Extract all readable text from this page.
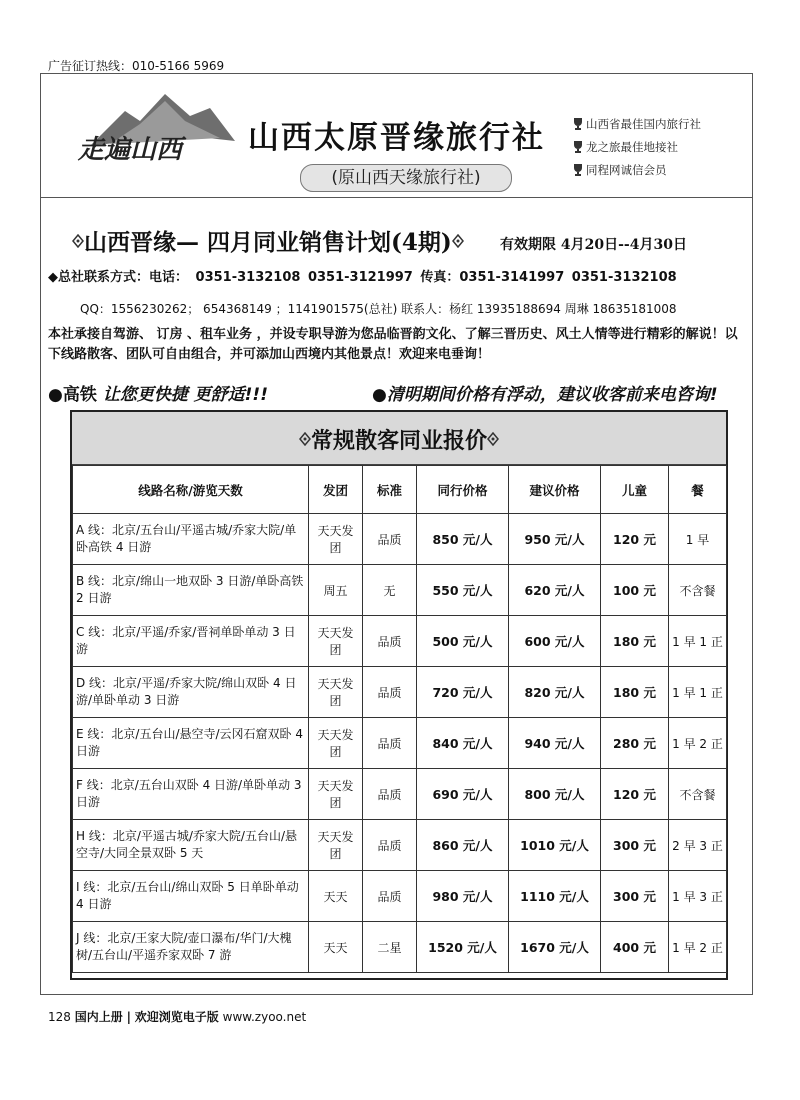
广告征订热线：010-5166 5969
走遍山西 山西太原晋缘旅行社
(原山西天缘旅行社)
山西省最佳国内旅行社
龙之旅最佳地接社
同程网诚信会员
山西晋缘— 四月同业销售计划(4期)	有效期限 4月20日--4月30日
◆总社联系方式：电话： 0351-3132108 0351-3121997 传真：0351-3141997 0351-3132108
QQ：1556230262； 654368149 ；1141901575(总社) 联系人：杨红 13935188694 周琳 18635181008
本社承接自驾游、 订房 、租车业务 ，并设专职导游为您品临晋韵文化、了解三晋历史、风土人情等进行精彩的解说！以下线路散客、团队可自由组合，并可添加山西境内其他景点！欢迎来电垂询！
●高铁 让您更快捷 更舒适!!!	●清明期间价格有浮动，建议收客前来电咨询!
常规散客同业报价
线路名称/游览天数	发团	标准	同行价格	建议价格	儿童	餐
A 线：北京/五台山/平遥古城/乔家大院/单卧高铁 4 日游	天天发团	品质	850 元/人	950 元/人	120 元	1 早
B 线：北京/绵山一地双卧 3 日游/单卧高铁 2 日游	周五	无	550 元/人	620 元/人	100 元	不含餐
C 线：北京/平遥/乔家/晋祠单卧单动 3 日游	天天发团	品质	500 元/人	600 元/人	180 元	1 早 1 正
D 线：北京/平遥/乔家大院/绵山双卧 4 日游/单卧单动 3 日游	天天发团	品质	720 元/人	820 元/人	180 元	1 早 1 正
E 线：北京/五台山/悬空寺/云冈石窟双卧 4 日游	天天发团	品质	840 元/人	940 元/人	280 元	1 早 2 正
F 线：北京/五台山双卧 4 日游/单卧单动 3 日游	天天发团	品质	690 元/人	800 元/人	120 元	不含餐
H 线：北京/平遥古城/乔家大院/五台山/悬空寺/大同全景双卧 5 天	天天发团	品质	860 元/人	1010 元/人	300 元	2 早 3 正
I 线：北京/五台山/绵山双卧 5 日单卧单动 4 日游	天天	品质	980 元/人	1110 元/人	300 元	1 早 3 正
J 线：北京/王家大院/壶口瀑布/华门/大槐树/五台山/平遥乔家双卧 7 游	天天	二星	1520 元/人	1670 元/人	400 元	1 早 2 正
128 国内上册 | 欢迎浏览电子版 www.zyoo.net
